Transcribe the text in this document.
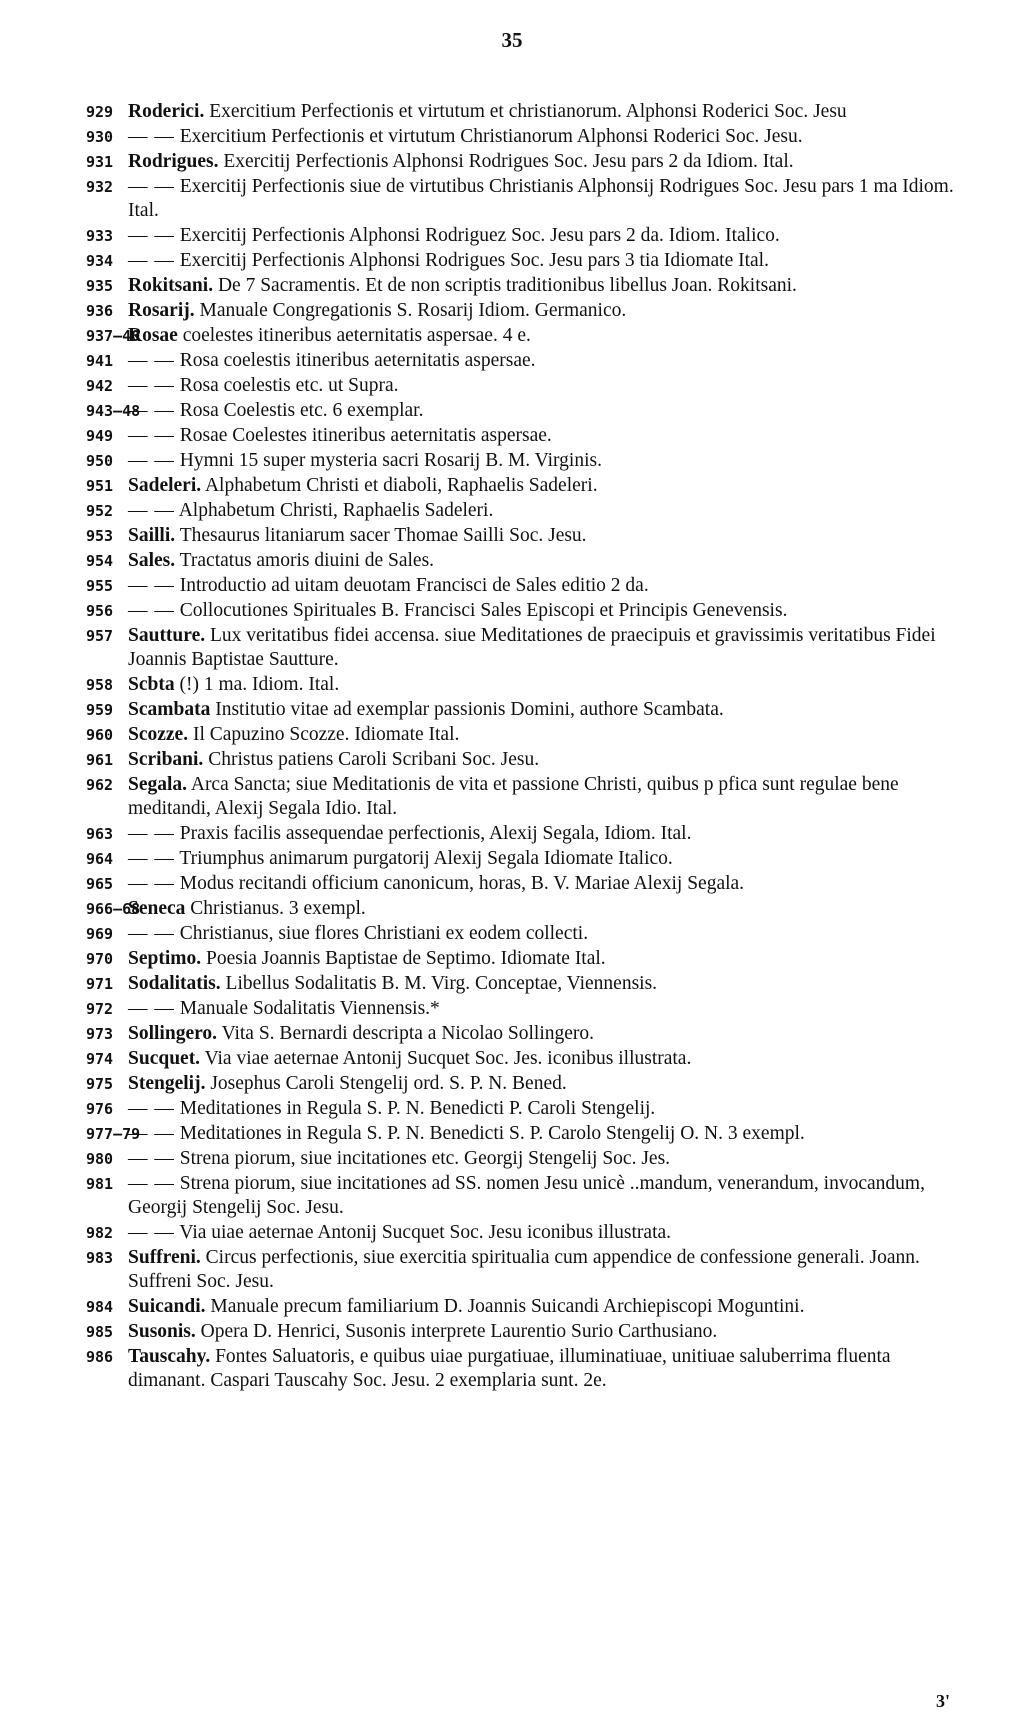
35
929 Roderici. Exercitium Perfectionis et virtutum et christianorum. Alphonsi Roderici Soc. Jesu
930 — — Exercitium Perfectionis et virtutum Christianorum Alphonsi Roderici Soc. Jesu.
931 Rodrigues. Exercitij Perfectionis Alphonsi Rodrigues Soc. Jesu pars 2 da Idiom. Ital.
932 — — Exercitij Perfectionis siue de virtutibus Christianis Alphonsij Rodrigues Soc. Jesu pars 1 ma Idiom. Ital.
933 — — Exercitij Perfectionis Alphonsi Rodriguez Soc. Jesu pars 2 da. Idiom. Italico.
934 — — Exercitij Perfectionis Alphonsi Rodrigues Soc. Jesu pars 3 tia Idiomate Ital.
935 Rokitsani. De 7 Sacramentis. Et de non scriptis traditionibus libellus Joan. Rokitsani.
936 Rosarij. Manuale Congregationis S. Rosarij Idiom. Germanico.
937—40
Rosae coelestes itineribus aeternitatis aspersae. 4 e.
941 — — Rosa coelestis itineribus aeternitatis aspersae.
942 — — Rosa coelestis etc. ut Supra.
943—48
— — Rosa Coelestis etc. 6 exemplar.
949 — — Rosae Coelestes itineribus aeternitatis aspersae.
950 — — Hymni 15 super mysteria sacri Rosarij B. M. Virginis.
951 Sadeleri. Alphabetum Christi et diaboli, Raphaelis Sadeleri.
952 — — Alphabetum Christi, Raphaelis Sadeleri.
953 Sailli. Thesaurus litaniarum sacer Thomae Sailli Soc. Jesu.
954 Sales. Tractatus amoris diuini de Sales.
955 — — Introductio ad uitam deuotam Francisci de Sales editio 2 da.
956 — — Collocutiones Spirituales B. Francisci Sales Episcopi et Principis Genevensis.
957 Sautture. Lux veritatibus fidei accensa. siue Meditationes de praecipuis et gravissimis veritatibus Fidei Joannis Baptistae Sautture.
958 Scbta (!) 1 ma. Idiom. Ital.
959 Scambata Institutio vitae ad exemplar passionis Domini, authore Scambata.
960 Scozze. Il Capuzino Scozze. Idiomate Ital.
961 Scribani. Christus patiens Caroli Scribani Soc. Jesu.
962 Segala. Arca Sancta; siue Meditationis de vita et passione Christi, quibus p pfica sunt regulae bene meditandi, Alexij Segala Idio. Ital.
963 — — Praxis facilis assequendae perfectionis, Alexij Segala, Idiom. Ital.
964 — — Triumphus animarum purgatorij Alexij Segala Idiomate Italico.
965 — — Modus recitandi officium canonicum, horas, B. V. Mariae Alexij Segala.
966—68
Seneca Christianus. 3 exempl.
969 — — Christianus, siue flores Christiani ex eodem collecti.
970 Septimo. Poesia Joannis Baptistae de Septimo. Idiomate Ital.
971 Sodalitatis. Libellus Sodalitatis B. M. Virg. Conceptae, Viennensis.
972 — — Manuale Sodalitatis Viennensis.*
973 Sollingero. Vita S. Bernardi descripta a Nicolao Sollingero.
974 Sucquet. Via viae aeternae Antonij Sucquet Soc. Jes. iconibus illustrata.
975 Stengelij. Josephus Caroli Stengelij ord. S. P. N. Bened.
976 — — Meditationes in Regula S. P. N. Benedicti P. Caroli Stengelij.
977—79
— — Meditationes in Regula S. P. N. Benedicti S. P. Carolo Stengelij O. N. 3 exempl.
980 — — Strena piorum, siue incitationes etc. Georgij Stengelij Soc. Jes.
981 — — Strena piorum, siue incitationes ad SS. nomen Jesu unicè ..mandum, venerandum, invocandum, Georgij Stengelij Soc. Jesu.
982 — — Via uiae aeternae Antonij Sucquet Soc. Jesu iconibus illustrata.
983 Suffreni. Circus perfectionis, siue exercitia spiritualia cum appendice de confessione generali. Joann. Suffreni Soc. Jesu.
984 Suicandi. Manuale precum familiarium D. Joannis Suicandi Archiepiscopi Moguntini.
985 Susonis. Opera D. Henrici, Susonis interprete Laurentio Surio Carthusiano.
986 Tauscahy. Fontes Saluatoris, e quibus uiae purgatiuae, illuminatiuae, unitiuae saluberrima fluenta dimanant. Caspari Tauscahy Soc. Jesu. 2 exemplaria sunt. 2e.
3'
